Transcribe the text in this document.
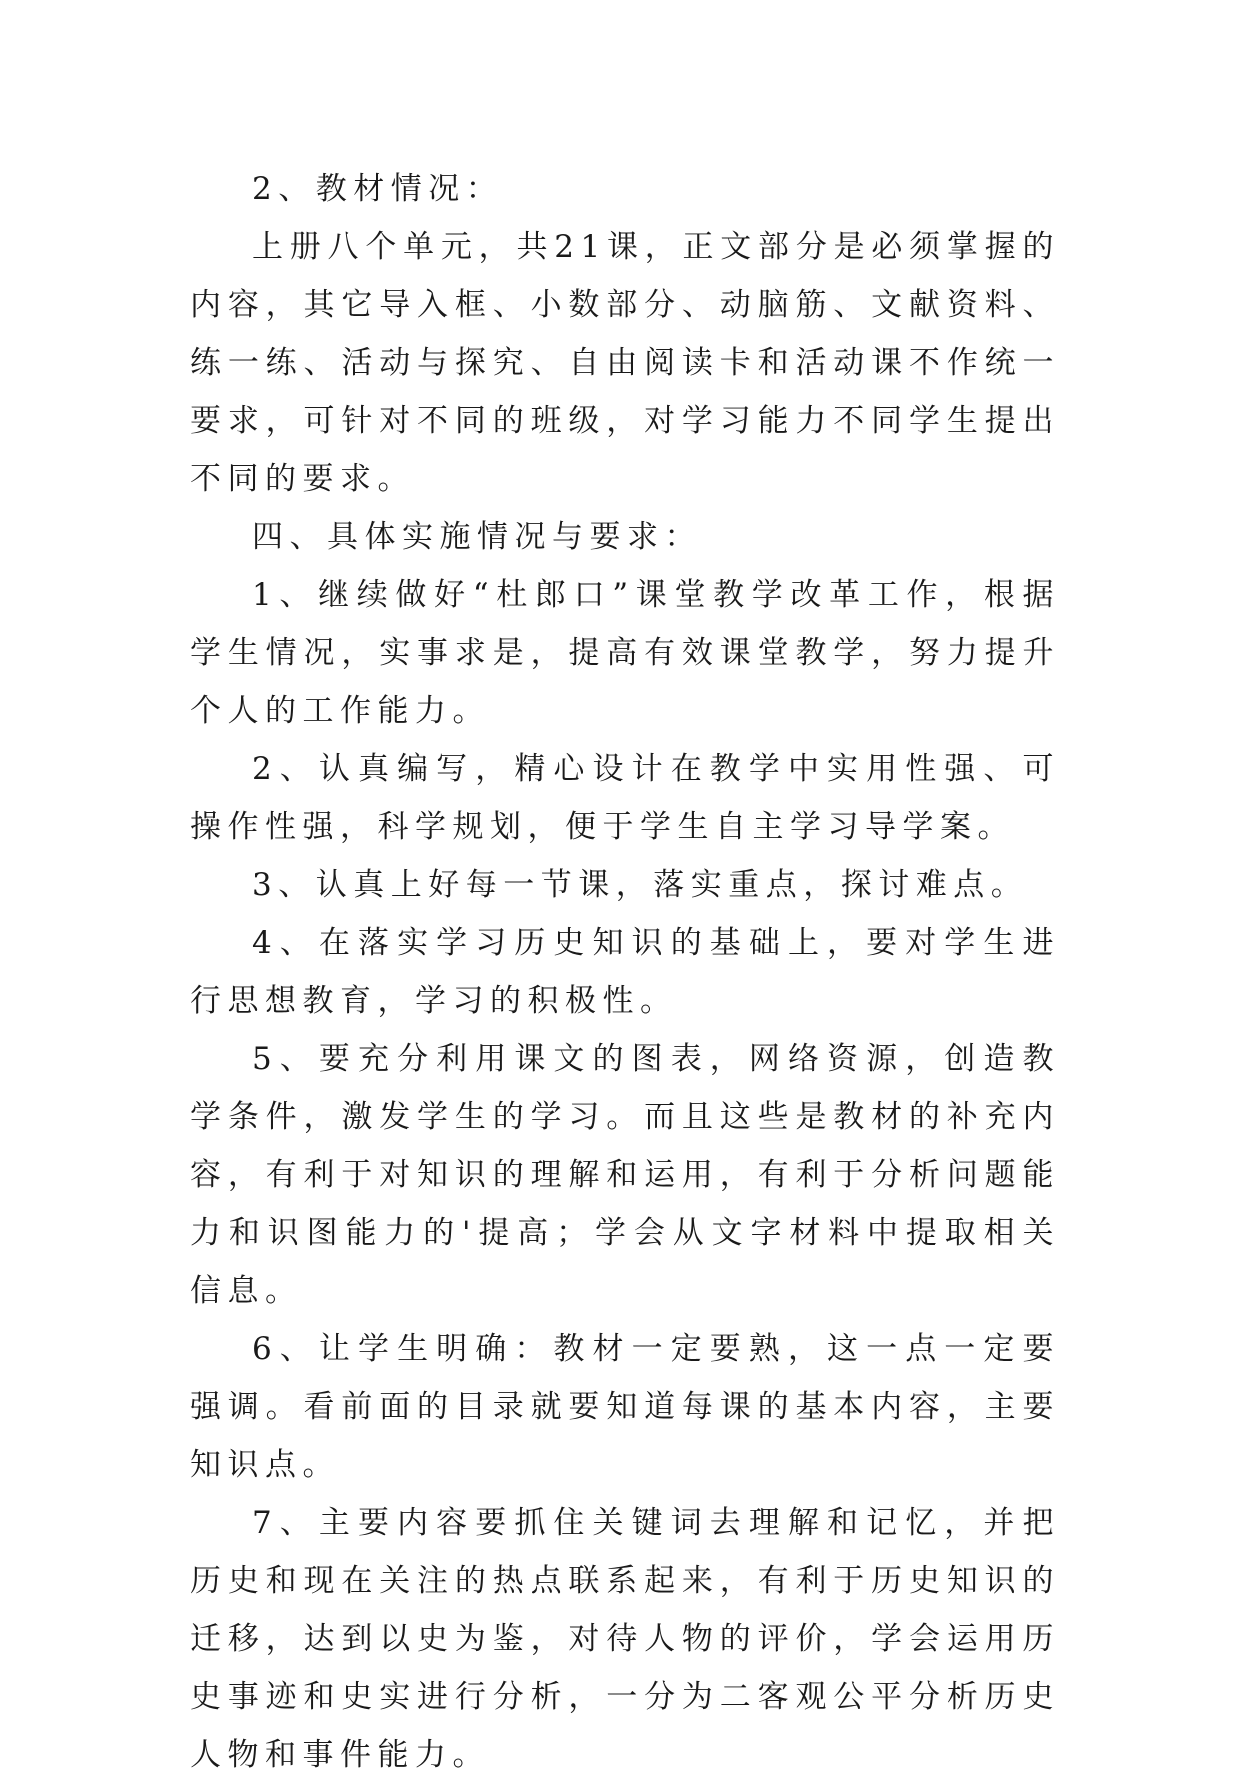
2、教材情况：

上册八个单元，共21课，正文部分是必须掌握的内容，其它导入框、小数部分、动脑筋、文献资料、练一练、活动与探究、自由阅读卡和活动课不作统一要求，可针对不同的班级，对学习能力不同学生提出不同的要求。

四、具体实施情况与要求：

1、继续做好“杜郎口”课堂教学改革工作，根据学生情况，实事求是，提高有效课堂教学，努力提升个人的工作能力。

2、认真编写，精心设计在教学中实用性强、可操作性强，科学规划，便于学生自主学习导学案。

3、认真上好每一节课，落实重点，探讨难点。

4、在落实学习历史知识的基础上，要对学生进行思想教育，学习的积极性。

5、要充分利用课文的图表，网络资源，创造教学条件，激发学生的学习。而且这些是教材的补充内容，有利于对知识的理解和运用，有利于分析问题能力和识图能力的'提高；学会从文字材料中提取相关信息。

6、让学生明确：教材一定要熟，这一点一定要强调。看前面的目录就要知道每课的基本内容，主要知识点。

7、主要内容要抓住关键词去理解和记忆，并把历史和现在关注的热点联系起来，有利于历史知识的迁移，达到以史为鉴，对待人物的评价，学会运用历史事迹和史实进行分析，一分为二客观公平分析历史人物和事件能力。
